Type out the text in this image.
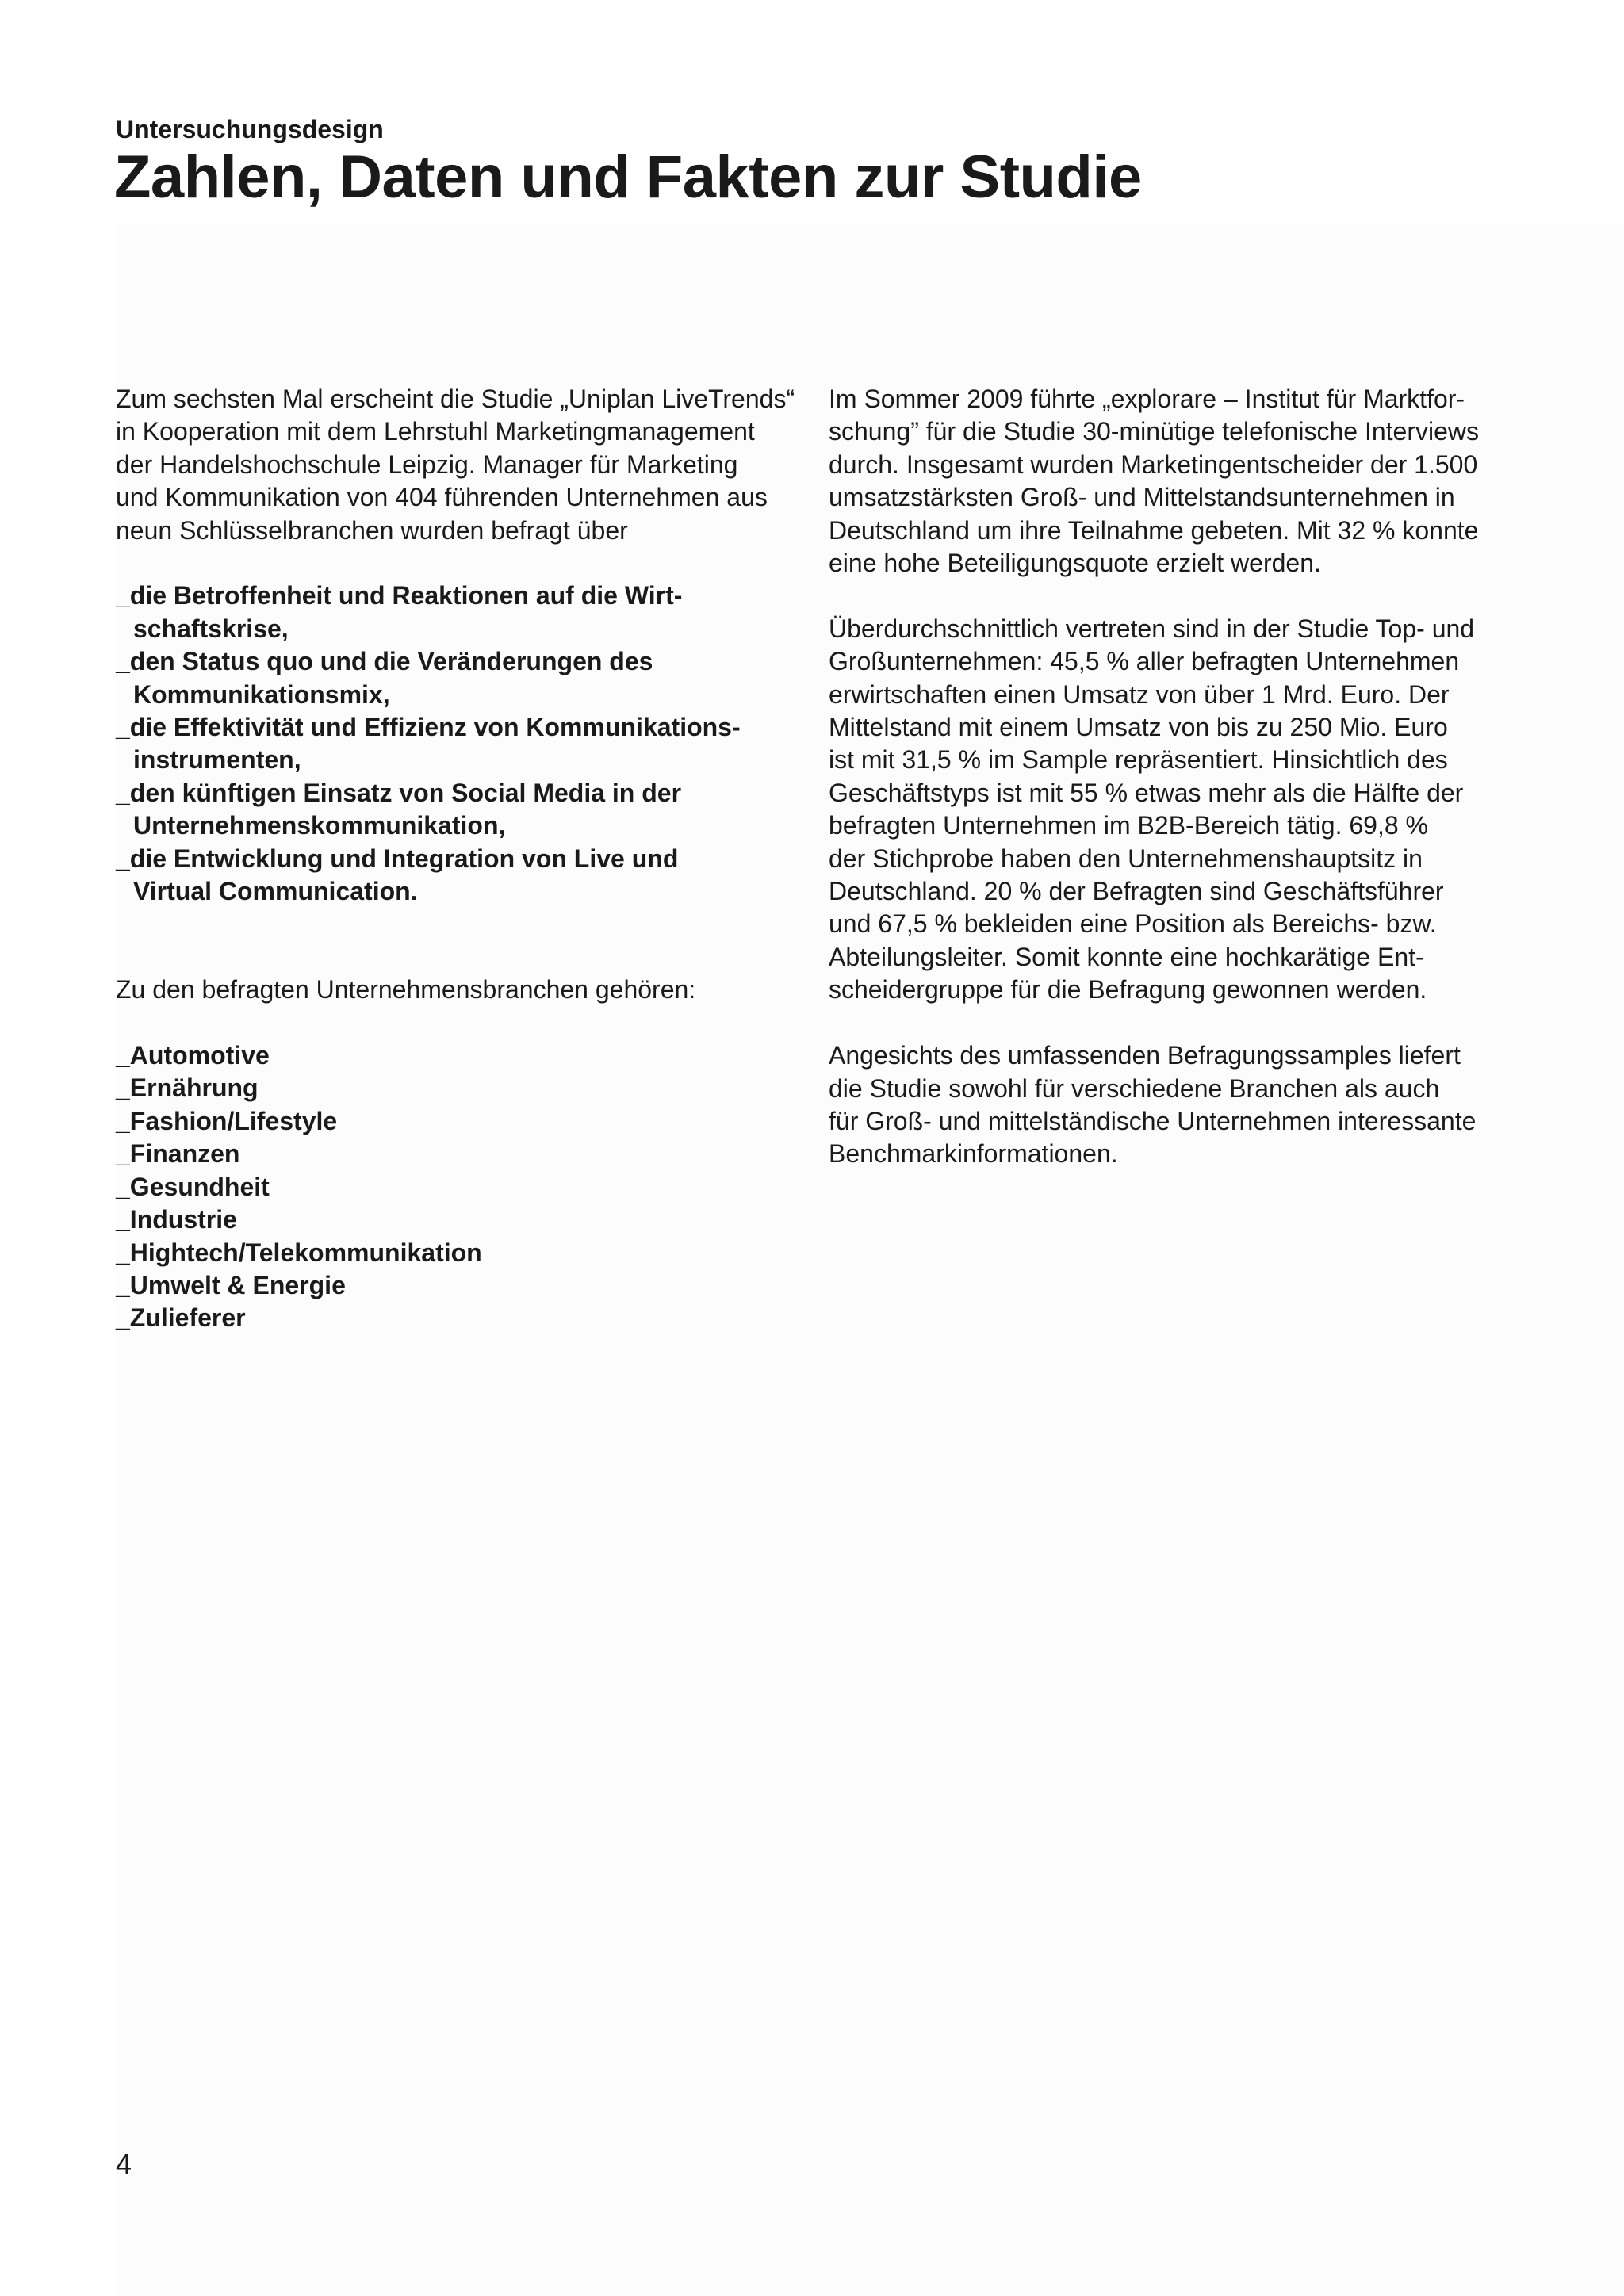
Untersuchungsdesign
Zahlen, Daten und Fakten zur Studie

Zum sechsten Mal erscheint die Studie „Uniplan LiveTrends“
in Kooperation mit dem Lehrstuhl Marketingmanagement
der Handelshochschule Leipzig. Manager für Marketing
und Kommunikation von 404 führenden Unternehmen aus
neun Schlüsselbranchen wurden befragt über

_die Betroffenheit und Reaktionen auf die Wirt-
schaftskrise,
_den Status quo und die Veränderungen des
Kommunikationsmix,
_die Effektivität und Effizienz von Kommunikations-
instrumenten,
_den künftigen Einsatz von Social Media in der
Unternehmenskommunikation,
_die Entwicklung und Integration von Live und
Virtual Communication.

Zu den befragten Unternehmensbranchen gehören:

_Automotive
_Ernährung
_Fashion/Lifestyle
_Finanzen
_Gesundheit
_Industrie
_Hightech/Telekommunikation
_Umwelt & Energie
_Zulieferer

Im Sommer 2009 führte „explorare – Institut für Marktfor-
schung” für die Studie 30-minütige telefonische Interviews
durch. Insgesamt wurden Marketingentscheider der 1.500
umsatzstärksten Groß- und Mittelstandsunternehmen in
Deutschland um ihre Teilnahme gebeten. Mit 32 % konnte
eine hohe Beteiligungsquote erzielt werden.

Überdurchschnittlich vertreten sind in der Studie Top- und
Großunternehmen: 45,5 % aller befragten Unternehmen
erwirtschaften einen Umsatz von über 1 Mrd. Euro. Der
Mittelstand mit einem Umsatz von bis zu 250 Mio. Euro
ist mit 31,5 % im Sample repräsentiert. Hinsichtlich des
Geschäftstyps ist mit 55 % etwas mehr als die Hälfte der
befragten Unternehmen im B2B-Bereich tätig. 69,8 %
der Stichprobe haben den Unternehmenshauptsitz in
Deutschland. 20 % der Befragten sind Geschäftsführer
und 67,5 % bekleiden eine Position als Bereichs- bzw.
Abteilungsleiter. Somit konnte eine hochkarätige Ent-
scheidergruppe für die Befragung gewonnen werden.

Angesichts des umfassenden Befragungssamples liefert
die Studie sowohl für verschiedene Branchen als auch
für Groß- und mittelständische Unternehmen interessante
Benchmarkinformationen.

4
